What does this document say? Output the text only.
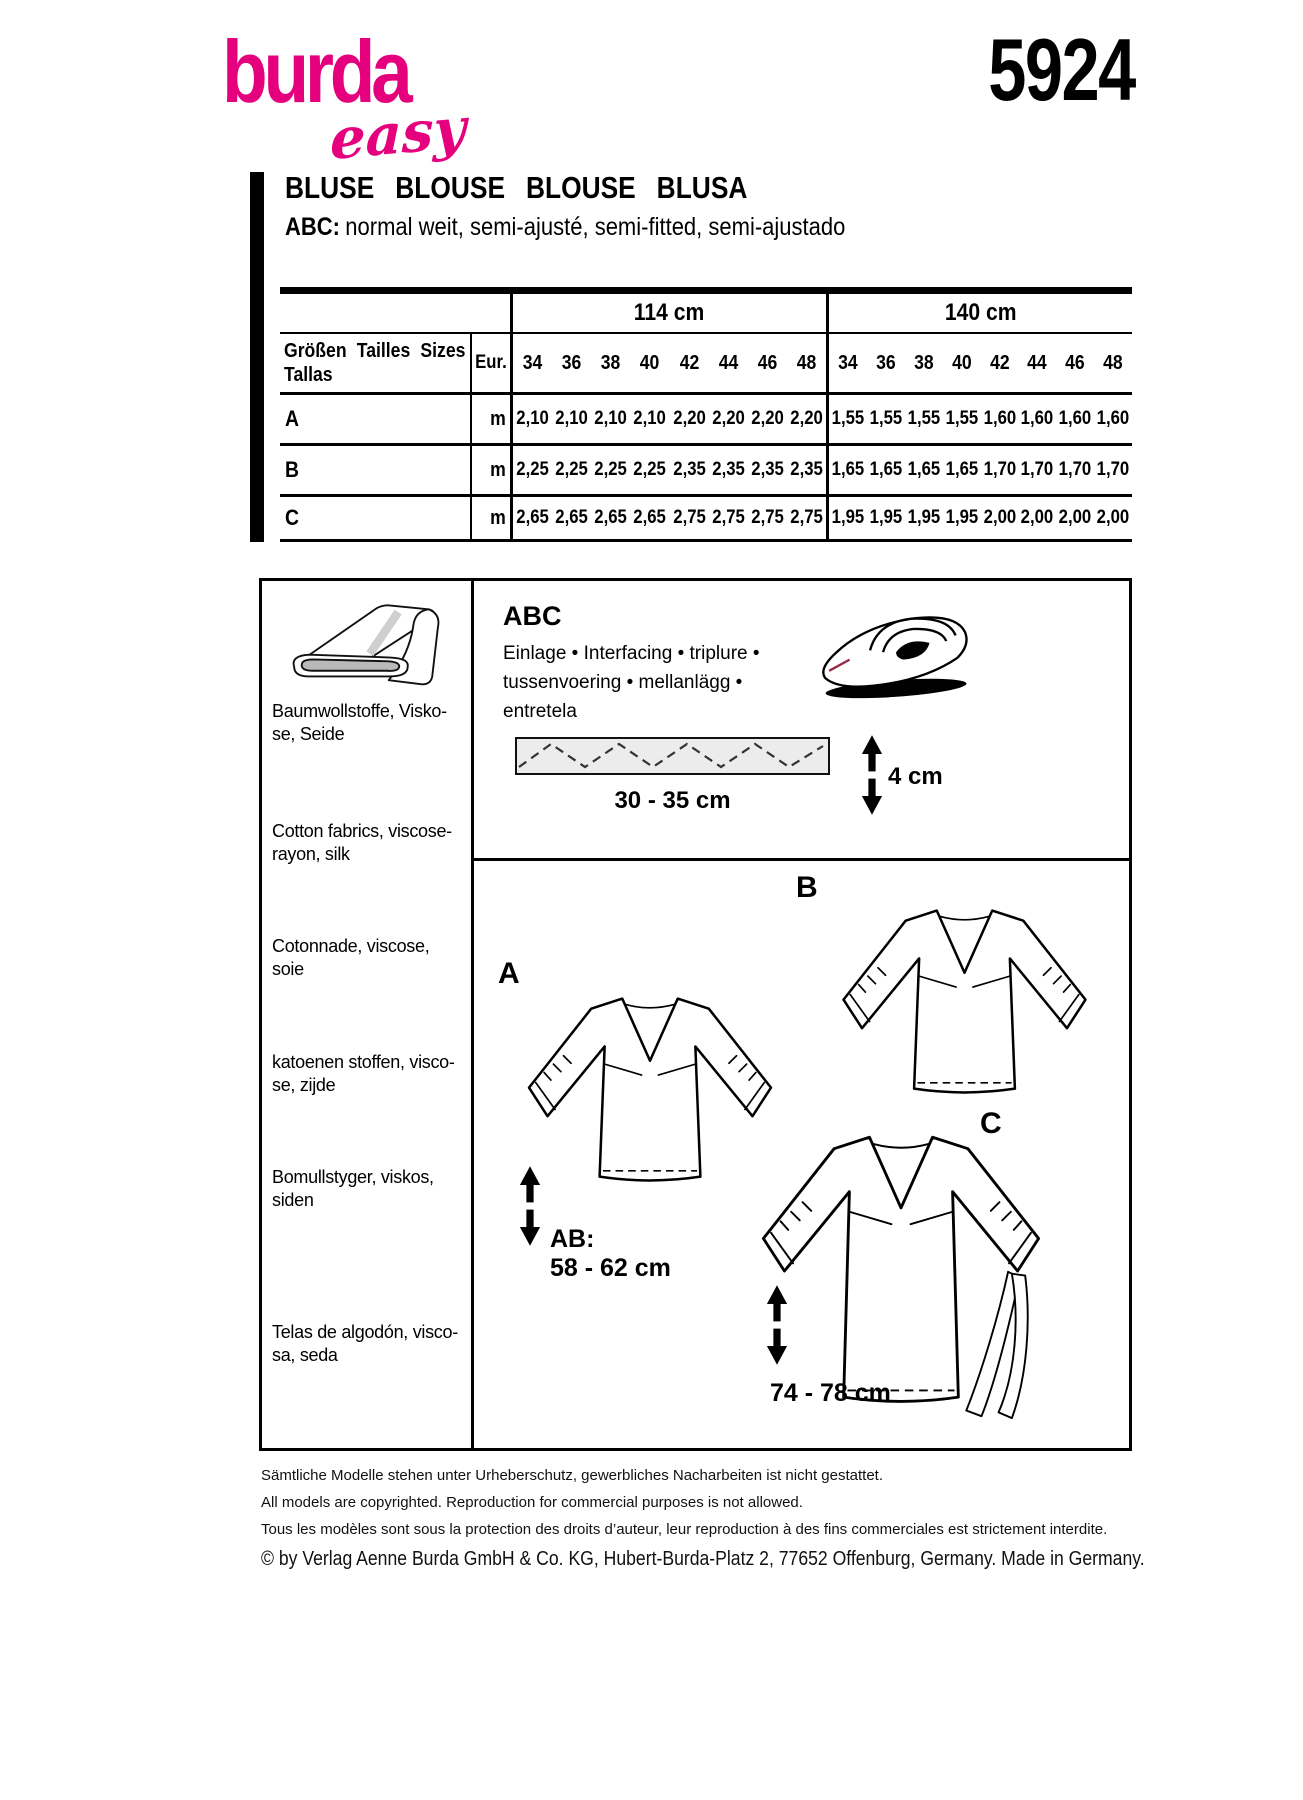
burda
easy
5924
BLUSE BLOUSE BLOUSE BLUSA
ABC: normal weit, semi-ajusté, semi-fitted, semi-ajustado
114 cm	140 cm
Größen Tailles Sizes
Tallas
Eur. 34 36 38 40 42 44 46 48	34 36 38 40 42 44 46 48
A	m 2,10 2,10 2,10 2,10 2,20 2,20 2,20 2,20 1,55 1,55 1,55 1,55 1,60 1,60 1,60 1,60
B	m 2,25 2,25 2,25 2,25 2,35 2,35 2,35 2,35 1,65 1,65 1,65 1,65 1,70 1,70 1,70 1,70
C	m 2,65 2,65 2,65 2,65 2,75 2,75 2,75 2,75 1,95 1,95 1,95 1,95 2,00 2,00 2,00 2,00
Baumwollstoffe, Visko-
se, Seide
Cotton fabrics, viscose-
rayon, silk
Cotonnade, viscose,
soie
katoenen stoffen, visco-
se, zijde
Bomullstyger, viskos,
siden
Telas de algodón, visco-
sa, seda
ABC
Einlage • Interfacing • triplure •
tussenvoering • mellanlägg •
entretela
30 - 35 cm
4 cm
A
B
C
AB:
58 - 62 cm
74 - 78 cm
Sämtliche Modelle stehen unter Urheberschutz, gewerbliches Nacharbeiten ist nicht gestattet.
All models are copyrighted. Reproduction for commercial purposes is not allowed.
Tous les modèles sont sous la protection des droits d’auteur, leur reproduction à des fins commerciales est strictement interdite.
© by Verlag Aenne Burda GmbH & Co. KG, Hubert-Burda-Platz 2, 77652 Offenburg, Germany. Made in Germany.
